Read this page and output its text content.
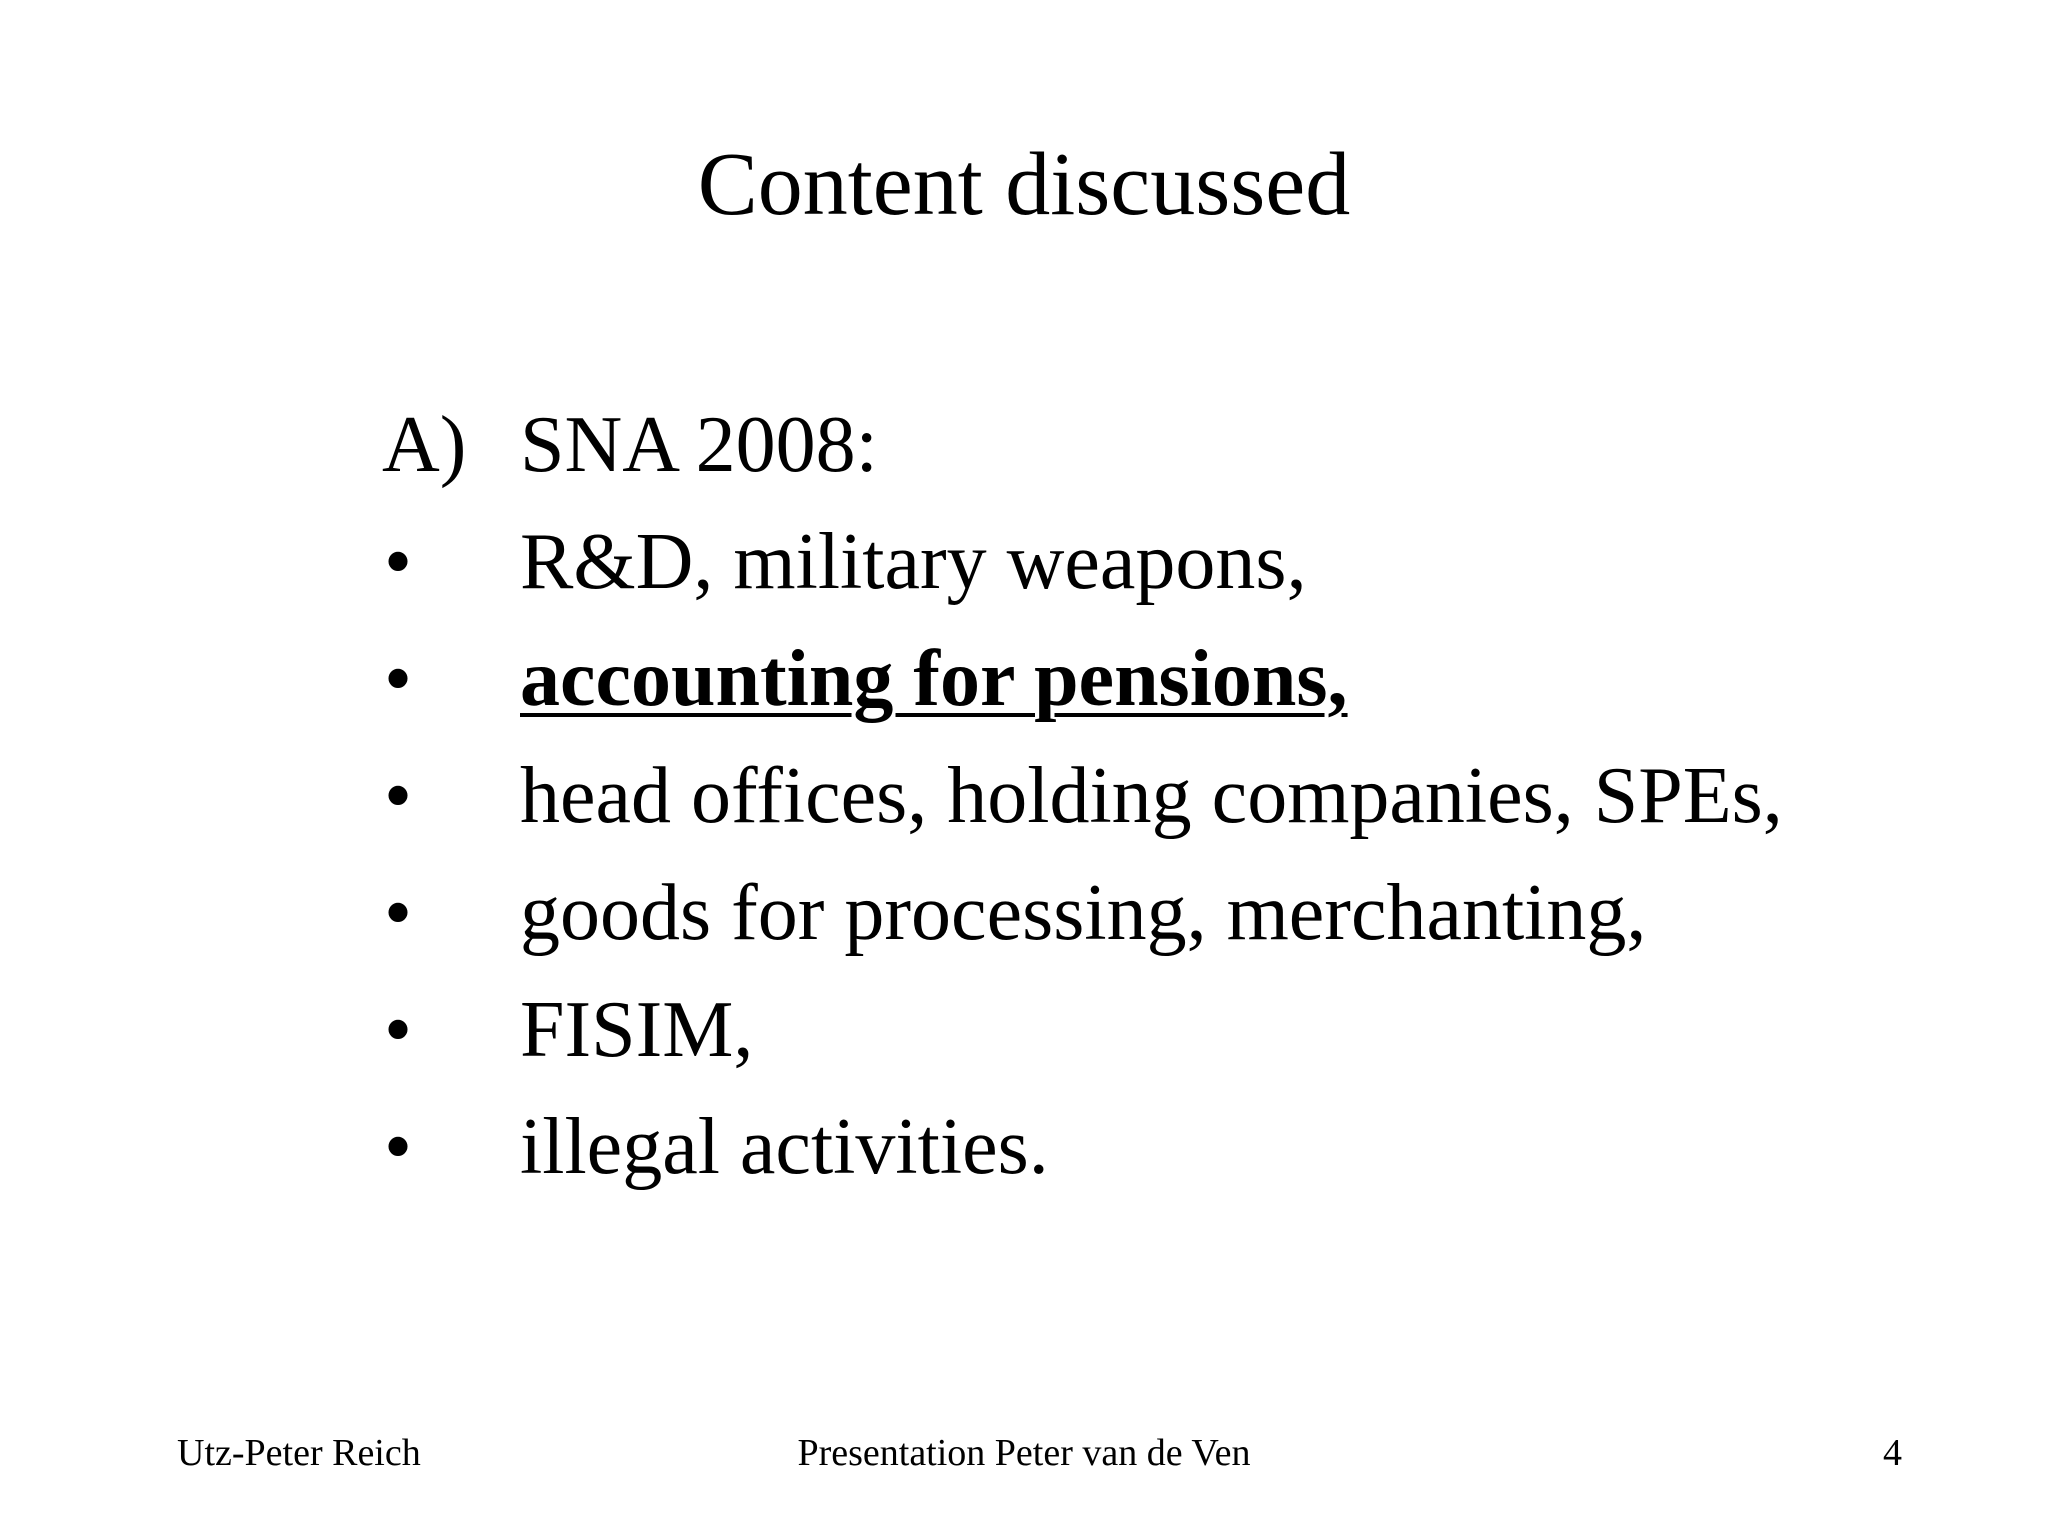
Content discussed
A) SNA 2008:
• R&D, military weapons,
• accounting for pensions,
• head offices, holding companies, SPEs,
• goods for processing, merchanting,
• FISIM,
• illegal activities.
Utz-Peter Reich	Presentation Peter van de Ven	4
